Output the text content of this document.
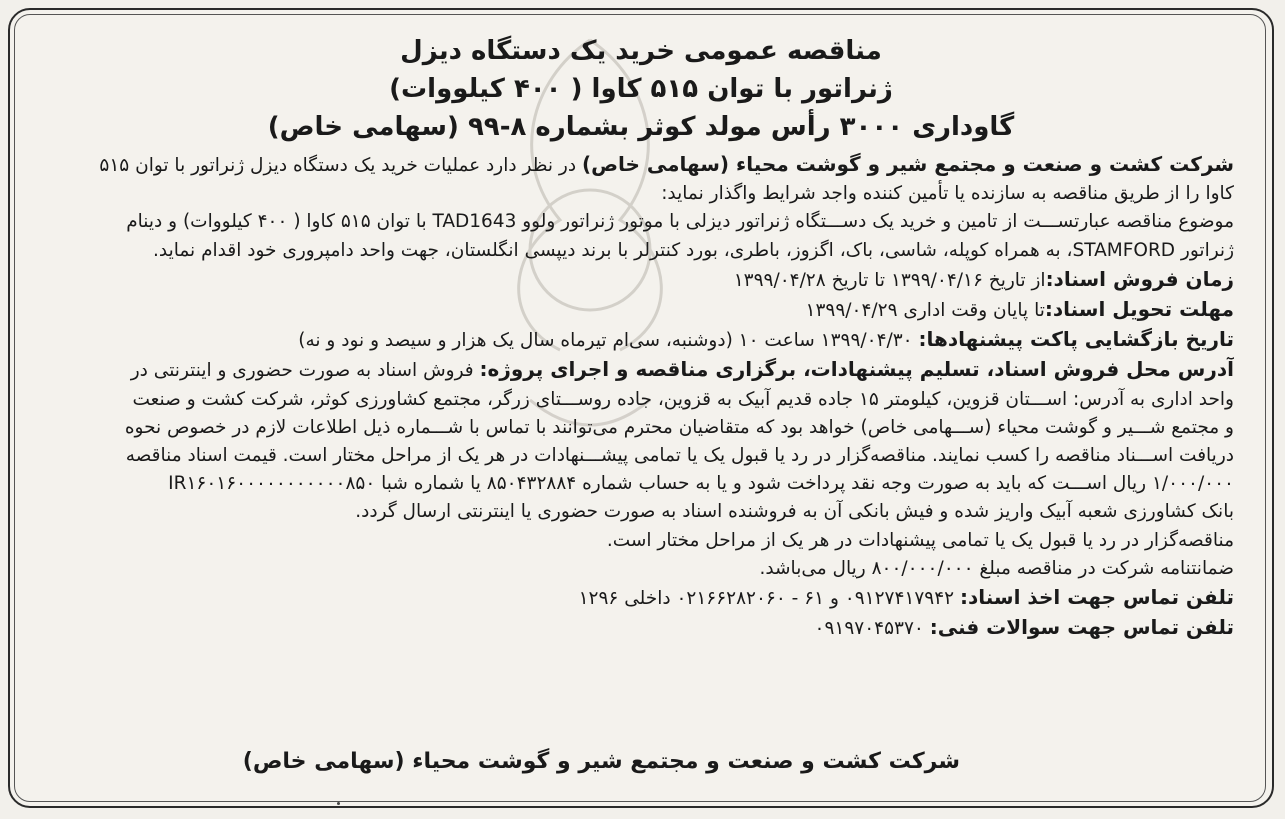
مناقصه عمومی خرید یک دستگاه دیزل
ژنراتور با توان ۵۱۵ کاوا ( ۴۰۰ کیلووات)
گاوداری ۳۰۰۰ رأس مولد کوثر بشماره ۸-۹۹ (سهامی خاص)
شرکت کشت و صنعت و مجتمع شیر و گوشت محیاء (سهامی خاص) در نظر دارد عملیات خرید یک دستگاه دیزل ژنراتور با توان ۵۱۵
کاوا را از طریق مناقصه به سازنده یا تأمین کننده واجد شرایط واگذار نماید:
موضوع مناقصه عبارتســـت از تامین و خرید یک دســـتگاه ژنراتور دیزلی با موتور ژنراتور ولوو TAD1643 با توان ۵۱۵ کاوا ( ۴۰۰ کیلووات) و دینام
ژنراتور STAMFORD، به همراه کوپله، شاسی، باک، اگزوز، باطری، بورد کنترلر با برند دیپسی انگلستان، جهت واحد دامپروری خود اقدام نماید.
زمان فروش اسناد:از تاریخ ۱۳۹۹/۰۴/۱۶ تا تاریخ ۱۳۹۹/۰۴/۲۸
مهلت تحویل اسناد:تا پایان وقت اداری ۱۳۹۹/۰۴/۲۹
تاریخ بازگشایی پاکت پیشنهادها: ۱۳۹۹/۰۴/۳۰ ساعت ۱۰ (دوشنبه، سی‌ام تیرماه سال یک هزار و سیصد و نود و نه)
آدرس محل فروش اسناد، تسلیم پیشنهادات، برگزاری مناقصه و اجرای پروژه: فروش اسناد به صورت حضوری و اینترنتی در
واحد اداری به آدرس: اســـتان قزوین، کیلومتر ۱۵ جاده قدیم آبیک به قزوین، جاده روســـتای زرگر، مجتمع کشاورزی کوثر، شرکت کشت و صنعت
و مجتمع شـــیر و گوشت محیاء (ســـهامی خاص) خواهد بود که متقاضیان محترم می‌توانند با تماس با شـــماره ذیل اطلاعات لازم در خصوص نحوه
دریافت اســـناد مناقصه را کسب نمایند. مناقصه‌گزار در رد یا قبول یک یا تمامی پیشـــنهادات در هر یک از مراحل مختار است. قیمت اسناد مناقصه
۱/۰۰۰/۰۰۰ ریال اســـت که باید به صورت وجه نقد پرداخت شود و یا به حساب شماره ۸۵۰۴۳۲۸۸۴ یا شماره شبا IR۱۶۰۱۶۰۰۰۰۰۰۰۰۰۰۰۸۵۰
بانک کشاورزی شعبه آبیک واریز شده و فیش بانکی آن به فروشنده اسناد به صورت حضوری یا اینترنتی ارسال گردد.
مناقصه‌گزار در رد یا قبول یک یا تمامی پیشنهادات در هر یک از مراحل مختار است.
ضمانتنامه شرکت در مناقصه مبلغ ۸۰۰/۰۰۰/۰۰۰ ریال می‌باشد.
تلفن تماس جهت اخذ اسناد: ۰۹۱۲۷۴۱۷۹۴۲ و ۶۱ - ۰۲۱۶۶۲۸۲۰۶۰ داخلی ۱۲۹۶
تلفن تماس جهت سوالات فنی: ۰۹۱۹۷۰۴۵۳۷۰
شرکت کشت و صنعت و مجتمع شیر و گوشت محیاء (سهامی خاص)
